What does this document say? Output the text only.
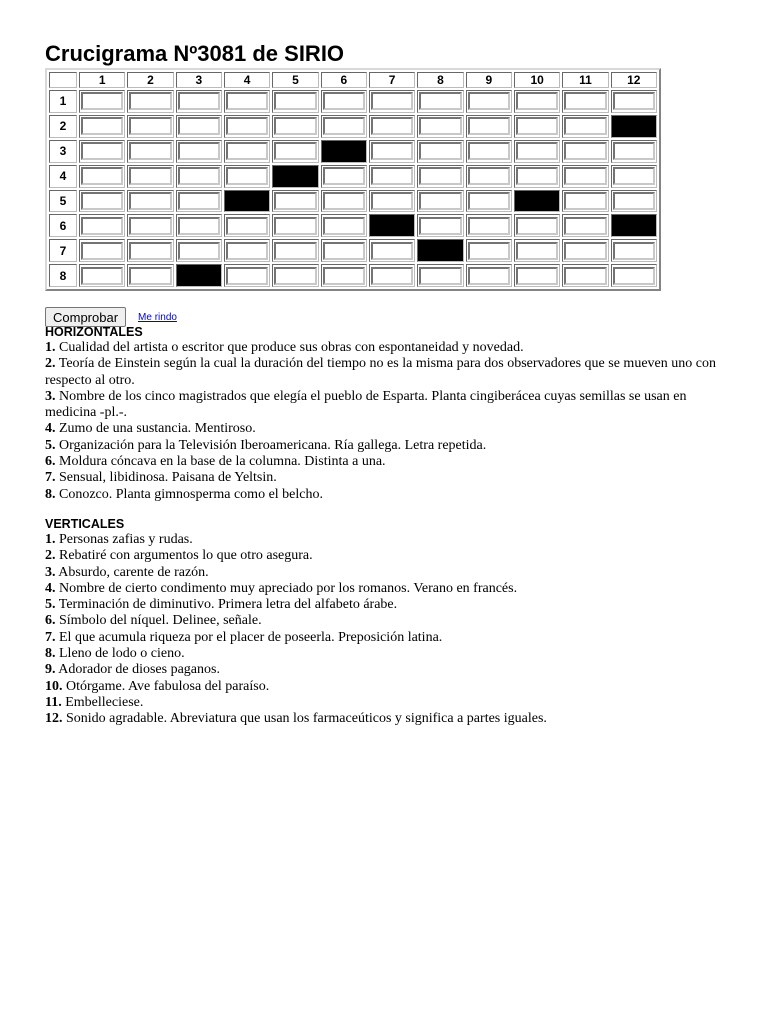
Crucigrama Nº3081 de SIRIO
	1	2	3	4	5	6	7	8	9	10	11	12
1	

2	

3	

4	

5	

6	

7	

8	

Comprobar Me rindo
HORIZONTALES

1. Cualidad del artista o escritor que produce sus obras con espontaneidad y novedad.

2. Teoría de Einstein según la cual la duración del tiempo no es la misma para dos observadores que se mueven uno con respecto al otro.

3. Nombre de los cinco magistrados que elegía el pueblo de Esparta. Planta cingiberácea cuyas semillas se usan en medicina -pl.-.

4. Zumo de una sustancia. Mentiroso.

5. Organización para la Televisión Iberoamericana. Ría gallega. Letra repetida.

6. Moldura cóncava en la base de la columna. Distinta a una.

7. Sensual, libidinosa. Paisana de Yeltsin.

8. Conozco. Planta gimnosperma como el belcho.

VERTICALES

1. Personas zafias y rudas.

2. Rebatiré con argumentos lo que otro asegura.

3. Absurdo, carente de razón.

4. Nombre de cierto condimento muy apreciado por los romanos. Verano en francés.

5. Terminación de diminutivo. Primera letra del alfabeto árabe.

6. Símbolo del níquel. Delinee, señale.

7. El que acumula riqueza por el placer de poseerla. Preposición latina.

8. Lleno de lodo o cieno.

9. Adorador de dioses paganos.

10. Otórgame. Ave fabulosa del paraíso.

11. Embelleciese.

12. Sonido agradable. Abreviatura que usan los farmaceúticos y significa a partes iguales.
